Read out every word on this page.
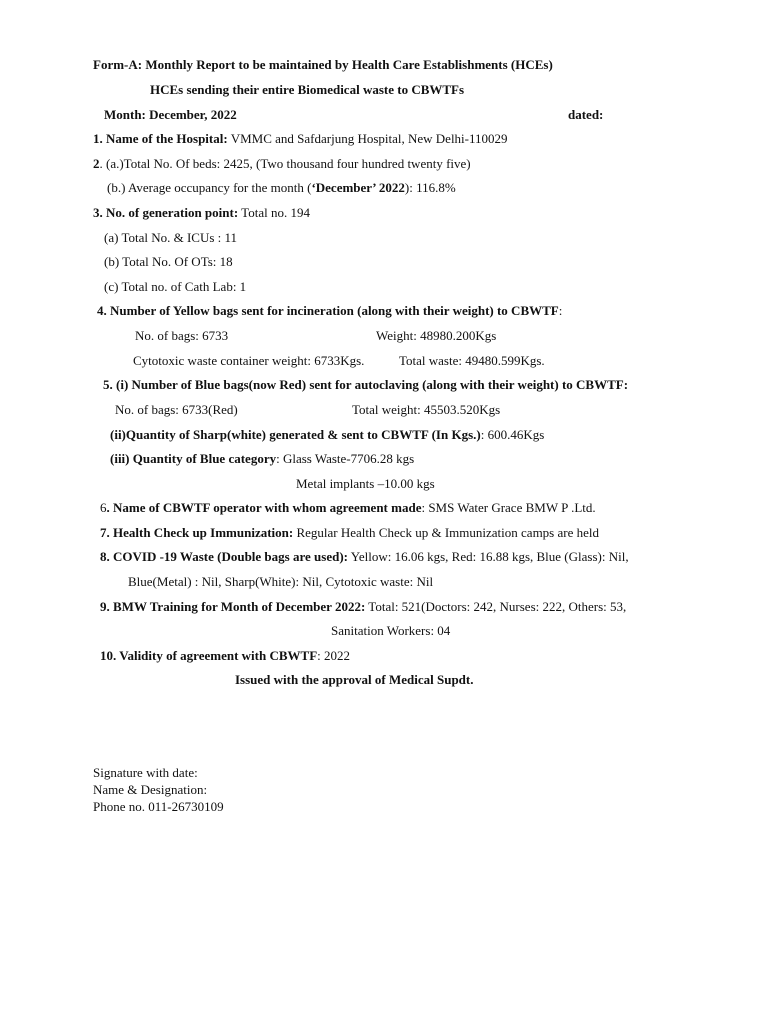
Form-A: Monthly Report to be maintained by Health Care Establishments (HCEs)
HCEs sending their entire Biomedical waste to CBWTFs
Month: December, 2022	dated:
1. Name of the Hospital: VMMC and Safdarjung Hospital, New Delhi-110029
2. (a.)Total No. Of beds: 2425, (Two thousand four hundred twenty five)
(b.) Average occupancy for the month (‘December’ 2022): 116.8%
3. No. of generation point: Total no. 194
(a) Total No. & ICUs : 11
(b) Total No. Of OTs: 18
(c) Total no. of Cath Lab: 1
4. Number of Yellow bags sent for incineration (along with their weight) to CBWTF:
No. of bags: 6733	Weight: 48980.200Kgs
Cytotoxic waste container weight: 6733Kgs.	Total waste: 49480.599Kgs.
5. (i) Number of Blue bags(now Red) sent for autoclaving (along with their weight) to CBWTF:
No. of bags: 6733(Red)	Total weight: 45503.520Kgs
(ii)Quantity of Sharp(white) generated & sent to CBWTF (In Kgs.): 600.46Kgs
(iii) Quantity of Blue category: Glass Waste-7706.28 kgs
Metal implants –10.00 kgs
6. Name of CBWTF operator with whom agreement made: SMS Water Grace BMW P .Ltd.
7. Health Check up Immunization: Regular Health Check up & Immunization camps are held
8. COVID -19 Waste (Double bags are used): Yellow: 16.06 kgs, Red: 16.88 kgs, Blue (Glass): Nil,
Blue(Metal) : Nil, Sharp(White): Nil, Cytotoxic waste: Nil
9. BMW Training for Month of December 2022: Total: 521(Doctors: 242, Nurses: 222, Others: 53,
Sanitation Workers: 04
10. Validity of agreement with CBWTF: 2022
Issued with the approval of Medical Supdt.
Signature with date:
Name & Designation:
Phone no. 011-26730109
